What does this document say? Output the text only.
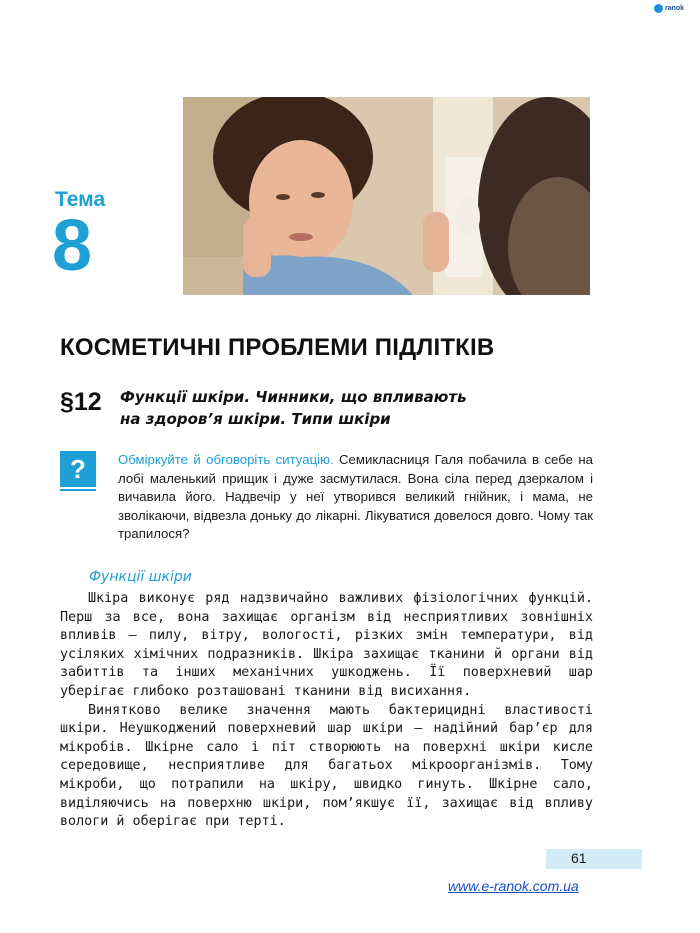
ranok
Тема
8
КОСМЕТИЧНІ ПРОБЛЕМИ ПІДЛІТКІВ
§12 Функції шкіри. Чинники, що впливають
на здоров’я шкіри. Типи шкіри
? Обміркуйте й обговоріть ситуацію. Семикласниця Галя побачила в себе на лобі маленький прищик і дуже засмутилася. Вона сіла перед дзеркалом і вичавила його. Надвечір у неї утворився великий гнійник, і мама, не зволікаючи, відвезла доньку до лікарні. Лікуватися довелося довго. Чому так трапилося?
Функції шкіри

Шкіра виконує ряд надзвичайно важливих фізіологічних функцій. Перш за все, вона захищає організм від несприятливих зовнішніх впливів — пилу, вітру, вологості, різких змін температури, від усіляких хімічних подразників. Шкіра захищає тканини й органи від забиттів та інших механічних ушкоджень. Її поверхневий шар уберігає глибоко розташовані тканини від висихання.

Винятково велике значення мають бактерицидні властивості шкіри. Неушкоджений поверхневий шар шкіри — надійний бар’єр для мікробів. Шкірне сало і піт створюють на поверхні шкіри кисле середовище, несприятливе для багатьох мікроорганізмів. Тому мікроби, що потрапили на шкіру, швидко гинуть. Шкірне сало, виділяючись на поверхню шкіри, пом’якшує її, захищає від впливу вологи й оберігає при терті.

61
www.e-ranok.com.ua
